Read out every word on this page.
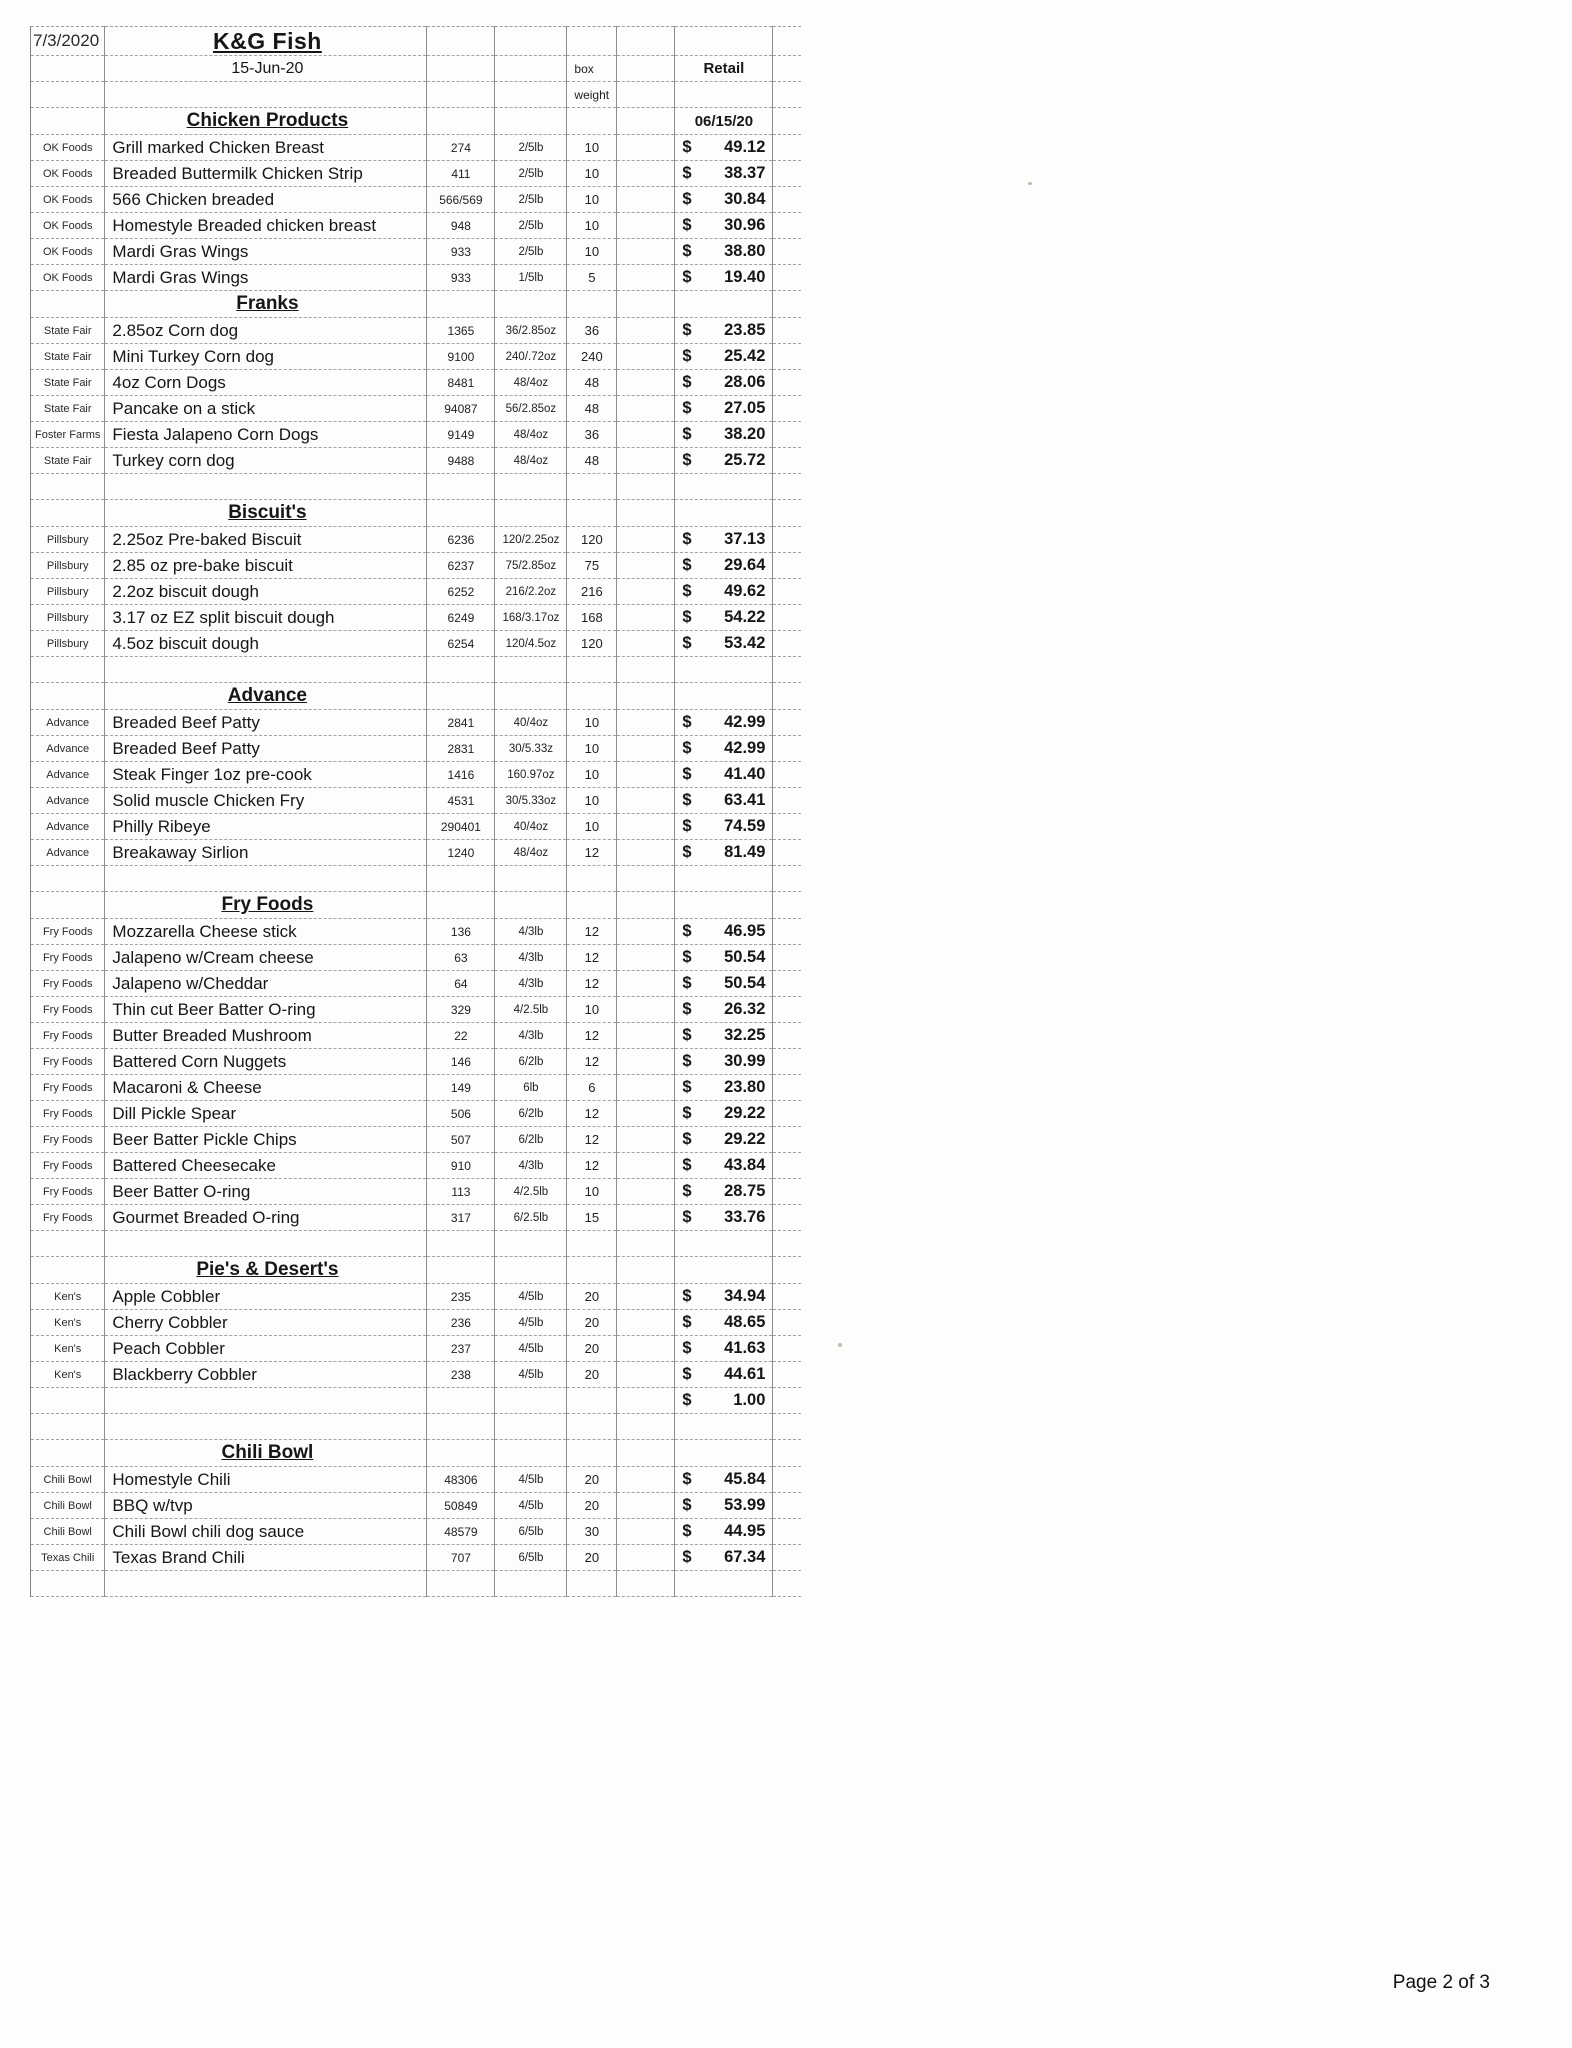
7/3/2020	K&G Fish						
	15-Jun-20			box		Retail	
				weight			
	Chicken Products					06/15/20	
OK Foods	Grill marked Chicken Breast	274	2/5lb	10		$ 49.12	

OK Foods	Breaded Buttermilk Chicken Strip	411	2/5lb	10		$ 38.37	

OK Foods	566 Chicken breaded	566/569	2/5lb	10		$ 30.84	

OK Foods	Homestyle Breaded chicken breast	948	2/5lb	10		$ 30.96	

OK Foods	Mardi Gras Wings	933	2/5lb	10		$ 38.80	

OK Foods	Mardi Gras Wings	933	1/5lb	5		$ 19.40	

	Franks						
State Fair	2.85oz Corn dog	1365	36/2.85oz	36		$ 23.85	

State Fair	Mini Turkey Corn dog	9100	240/.72oz	240		$ 25.42	

State Fair	4oz Corn Dogs	8481	48/4oz	48		$ 28.06	

State Fair	Pancake on a stick	94087	56/2.85oz	48		$ 27.05	

Foster Farms	Fiesta Jalapeno Corn Dogs	9149	48/4oz	36		$ 38.20	

State Fair	Turkey corn dog	9488	48/4oz	48		$ 25.72	

	Biscuit's						
Pillsbury	2.25oz Pre-baked Biscuit	6236	120/2.25oz	120		$ 37.13	

Pillsbury	2.85 oz pre-bake biscuit	6237	75/2.85oz	75		$ 29.64	

Pillsbury	2.2oz biscuit dough	6252	216/2.2oz	216		$ 49.62	

Pillsbury	3.17 oz EZ split biscuit dough	6249	168/3.17oz	168		$ 54.22	

Pillsbury	4.5oz biscuit dough	6254	120/4.5oz	120		$ 53.42	

	Advance						
Advance	Breaded Beef Patty	2841	40/4oz	10		$ 42.99	

Advance	Breaded Beef Patty	2831	30/5.33z	10		$ 42.99	

Advance	Steak Finger 1oz pre-cook	1416	160.97oz	10		$ 41.40	

Advance	Solid muscle Chicken Fry	4531	30/5.33oz	10		$ 63.41	

Advance	Philly Ribeye	290401	40/4oz	10		$ 74.59	

Advance	Breakaway Sirlion	1240	48/4oz	12		$ 81.49	

	Fry Foods						
Fry Foods	Mozzarella Cheese stick	136	4/3lb	12		$ 46.95	

Fry Foods	Jalapeno w/Cream cheese	63	4/3lb	12		$ 50.54	

Fry Foods	Jalapeno w/Cheddar	64	4/3lb	12		$ 50.54	

Fry Foods	Thin cut Beer Batter O-ring	329	4/2.5lb	10		$ 26.32	

Fry Foods	Butter Breaded Mushroom	22	4/3lb	12		$ 32.25	

Fry Foods	Battered Corn Nuggets	146	6/2lb	12		$ 30.99	

Fry Foods	Macaroni & Cheese	149	6lb	6		$ 23.80	

Fry Foods	Dill Pickle Spear	506	6/2lb	12		$ 29.22	

Fry Foods	Beer Batter Pickle Chips	507	6/2lb	12		$ 29.22	

Fry Foods	Battered Cheesecake	910	4/3lb	12		$ 43.84	

Fry Foods	Beer Batter O-ring	113	4/2.5lb	10		$ 28.75	

Fry Foods	Gourmet Breaded O-ring	317	6/2.5lb	15		$ 33.76	

	Pie's & Desert's						
Ken's	Apple Cobbler	235	4/5lb	20		$ 34.94	

Ken's	Cherry Cobbler	236	4/5lb	20		$ 48.65	

Ken's	Peach Cobbler	237	4/5lb	20		$ 41.63	

Ken's	Blackberry Cobbler	238	4/5lb	20		$ 44.61	

						$ 1.00	

	Chili Bowl						
Chili Bowl	Homestyle Chili	48306	4/5lb	20		$ 45.84	

Chili Bowl	BBQ w/tvp	50849	4/5lb	20		$ 53.99	

Chili Bowl	Chili Bowl chili dog sauce	48579	6/5lb	30		$ 44.95	

Texas Chili	Texas Brand Chili	707	6/5lb	20		$ 67.34	

Page 2 of 3
